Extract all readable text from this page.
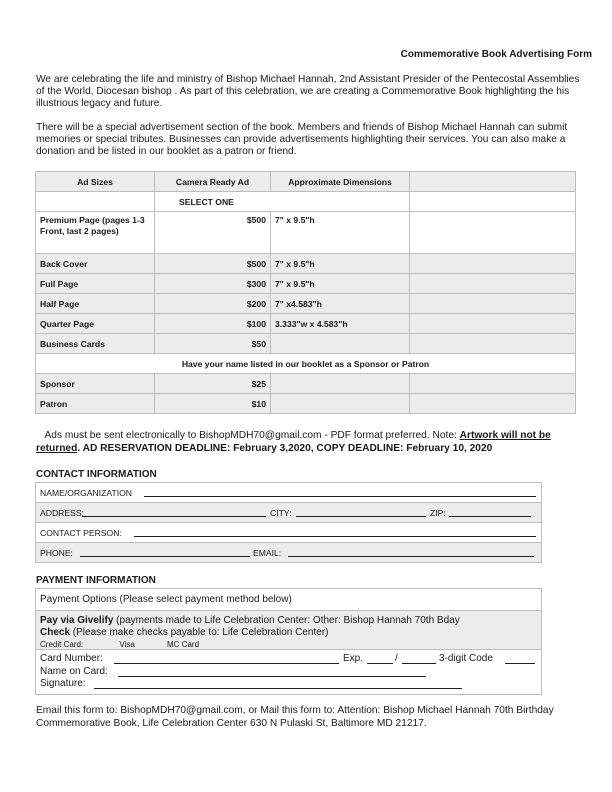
Commemorative Book Advertising Form
We are celebrating the life and ministry of Bishop Michael Hannah, 2nd Assistant Presider of the Pentecostal Assemblies of the World, Diocesan bishop . As part of this celebration, we are creating a Commemorative Book highlighting the his illustrious legacy and future.
There will be a special advertisement section of the book. Members and friends of Bishop Michael Hannah can submit memories or special tributes. Businesses can provide advertisements highlighting their services. You can also make a donation and be listed in our booklet as a patron or friend.
Ad Sizes	Camera Ready Ad	Approximate Dimensions	
	SELECT ONE		
Premium Page (pages 1-3 Front, last 2 pages)	$500	7" x 9.5"h	
Back Cover	$500	7" x 9.5"h	
Full Page	$300	7" x 9.5"h	
Half Page	$200	7" x4.583"h	
Quarter Page	$100	3.333"w x 4.583"h	
Business Cards	$50		
Have your name listed in our booklet as a Sponsor or Patron			
Sponsor	$25		
Patron	$10		
Ads must be sent electronically to BishopMDH70@gmail.com - PDF format preferred. Note: Artwork will not be returned. AD RESERVATION DEADLINE: February 3,2020, COPY DEADLINE: February 10, 2020
CONTACT INFORMATION
NAME/ORGANIZATION
ADDRESS:	CITY:	ZIP:
CONTACT PERSON:
PHONE:	EMAIL:
PAYMENT INFORMATION
Payment Options (Please select payment method below)
Pay via Givelify (payments made to Life Celebration Center: Other: Bishop Hannah 70th Bday
Check (Please make checks payable to: Life Celebration Center)
Credit Card:	Visa	MC Card
Card Number:	Exp.	/	3-digit Code
Name on Card:
Signature:
Email this form to: BishopMDH70@gmail.com, or Mail this form to: Attention: Bishop Michael Hannah 70th Birthday Commemorative Book, Life Celebration Center 630 N Pulaski St, Baltimore MD 21217.
